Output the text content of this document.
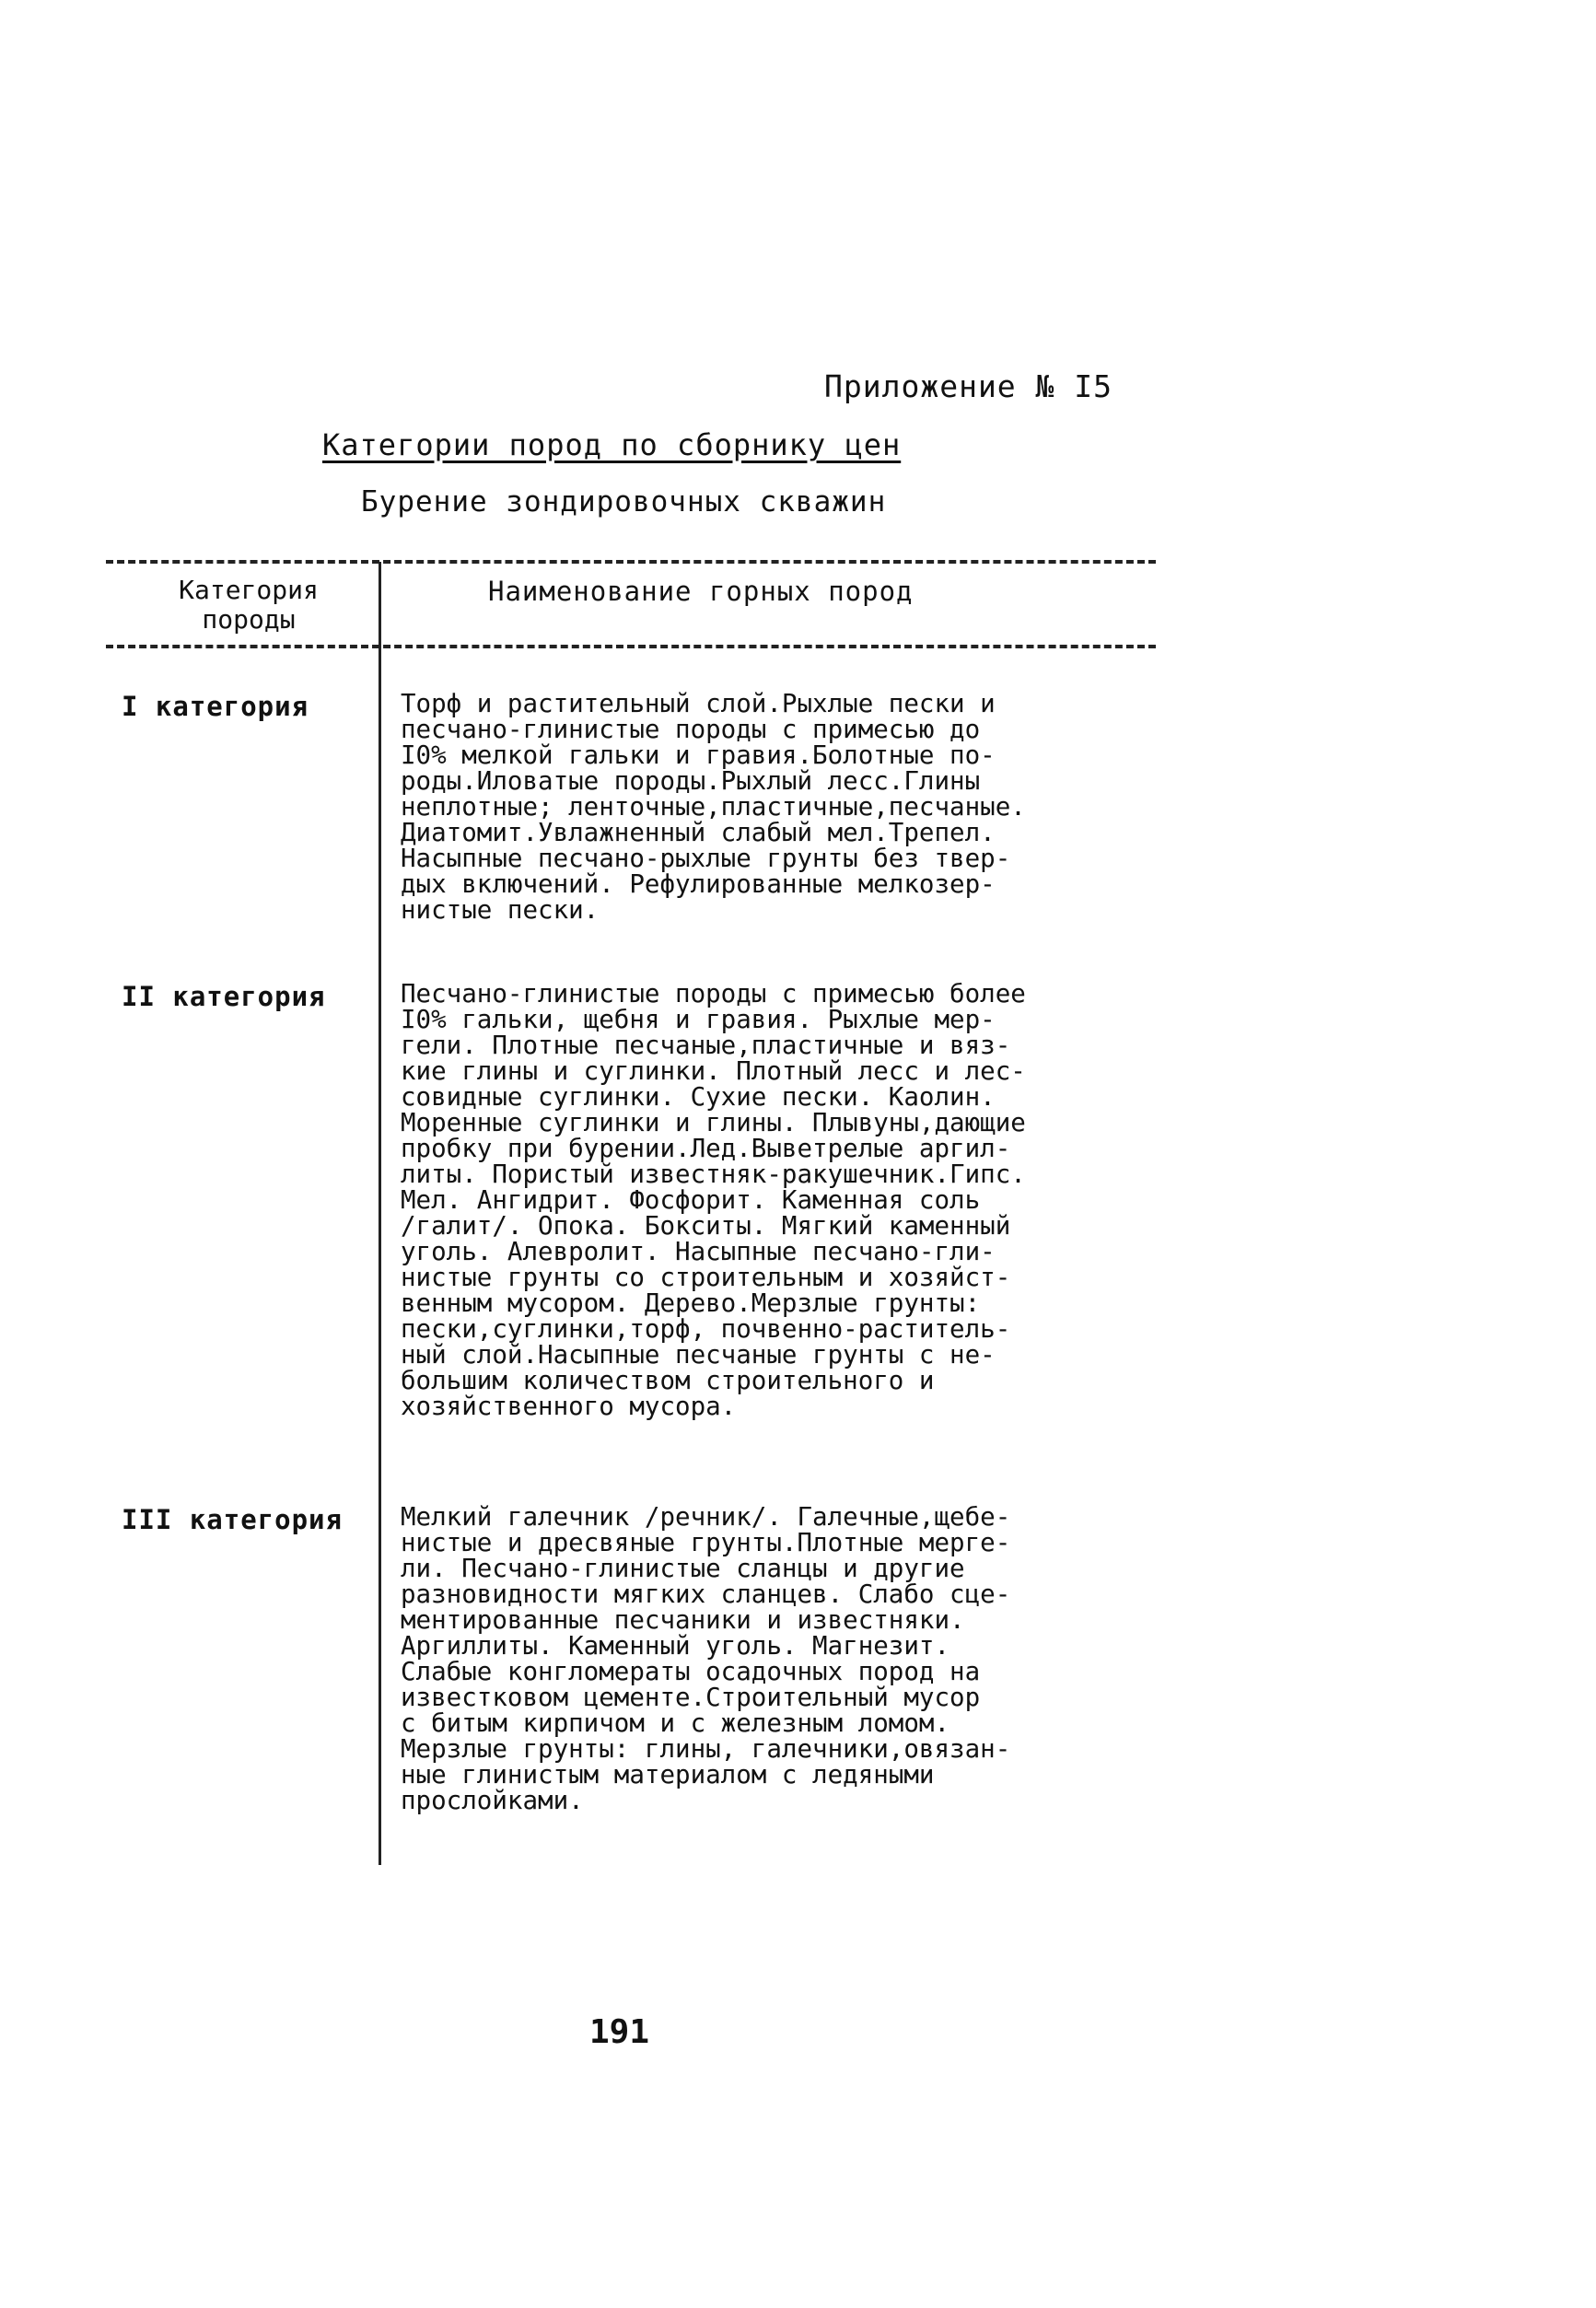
Приложение № I5
Категории пород по сборнику цен
Бурение зондировочных скважин
Категория
породы
Наименование горных пород
I категория	Торф и растительный слой.Рыхлые пески и
песчано-глинистые породы с примесью до
I0% мелкой гальки и гравия.Болотные по-
роды.Иловатые породы.Рыхлый лесс.Глины
неплотные; ленточные,пластичные,песчаные.
Диатомит.Увлажненный слабый мел.Трепел.
Насыпные песчано-рыхлые грунты без твер-
дых включений. Рефулированные мелкозер-
нистые пески.
II категория	Песчано-глинистые породы с примесью более
I0% гальки, щебня и гравия. Рыхлые мер-
гели. Плотные песчаные,пластичные и вяз-
кие глины и суглинки. Плотный лесс и лес-
совидные суглинки. Сухие пески. Каолин.
Моренные суглинки и глины. Плывуны,дающие
пробку при бурении.Лед.Выветрелые аргил-
литы. Пористый известняк-ракушечник.Гипс.
Мел. Ангидрит. Фосфорит. Каменная соль
/галит/. Опока. Бокситы. Мягкий каменный
уголь. Алевролит. Насыпные песчано-гли-
нистые грунты со строительным и хозяйст-
венным мусором. Дерево.Мерзлые грунты:
пески,суглинки,торф, почвенно-раститель-
ный слой.Насыпные песчаные грунты с не-
большим количеством строительного и
хозяйственного мусора.
III категория Мелкий галечник /речник/. Галечные,щебе-
нистые и дресвяные грунты.Плотные мерге-
ли. Песчано-глинистые сланцы и другие
разновидности мягких сланцев. Слабо сце-
ментированные песчаники и известняки.
Аргиллиты. Каменный уголь. Магнезит.
Слабые конгломераты осадочных пород на
известковом цементе.Строительный мусор
с битым кирпичом и с железным ломом.
Мерзлые грунты: глины, галечники,овязан-
ные глинистым материалом с ледяными
прослойками.
191
